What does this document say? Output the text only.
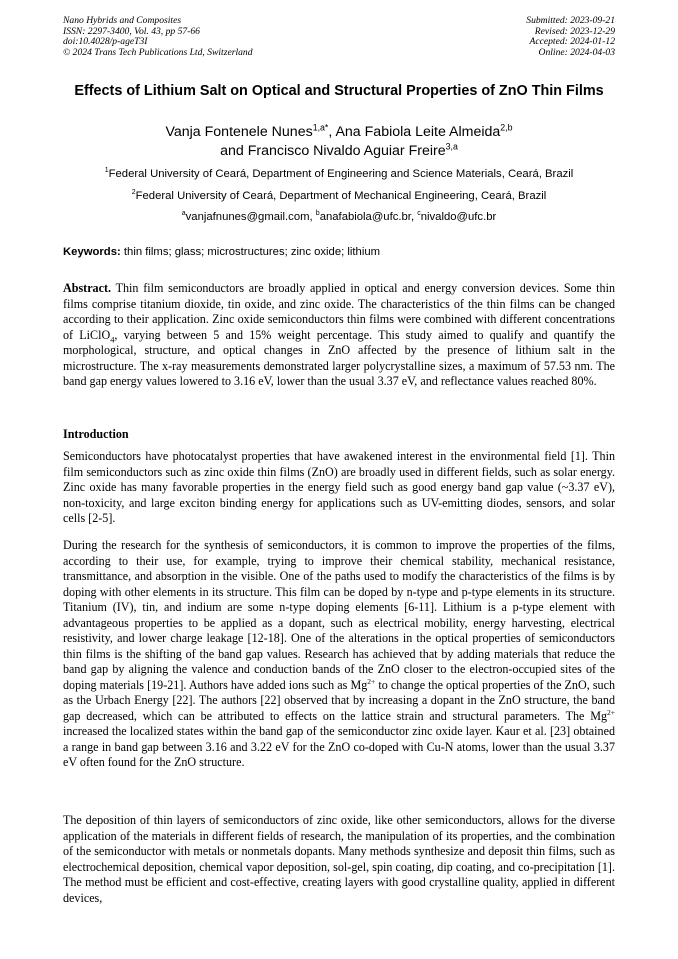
Nano Hybrids and Composites
ISSN: 2297-3400, Vol. 43, pp 57-66
doi:10.4028/p-ageT3I
© 2024 Trans Tech Publications Ltd, Switzerland
Submitted: 2023-09-21
Revised: 2023-12-29
Accepted: 2024-01-12
Online: 2024-04-03
Effects of Lithium Salt on Optical and Structural Properties of ZnO Thin Films
Vanja Fontenele Nunes$^{1,a*}$, Ana Fabiola Leite Almeida$^{2,b}$
and Francisco Nivaldo Aguiar Freire$^{3,a}$
$^1$Federal University of Ceará, Department of Engineering and Science Materials, Ceará, Brazil
$^2$Federal University of Ceará, Department of Mechanical Engineering, Ceará, Brazil
$^a$vanjafnunes@gmail.com, $^b$anafabiola@ufc.br, $^c$nivaldo@ufc.br
Keywords: thin films; glass; microstructures; zinc oxide; lithium
Abstract. Thin film semiconductors are broadly applied in optical and energy conversion devices. Some thin films comprise titanium dioxide, tin oxide, and zinc oxide. The characteristics of the thin films can be changed according to their application. Zinc oxide semiconductors thin films were combined with different concentrations of LiClO$_4$, varying between 5 and 15% weight percentage. This study aimed to qualify and quantify the morphological, structure, and optical changes in ZnO affected by the presence of lithium salt in the microstructure. The x-ray measurements demonstrated larger polycrystalline sizes, a maximum of 57.53 nm. The band gap energy values lowered to 3.16 eV, lower than the usual 3.37 eV, and reflectance values reached 80%.
Introduction
Semiconductors have photocatalyst properties that have awakened interest in the environmental field [1]. Thin film semiconductors such as zinc oxide thin films (ZnO) are broadly used in different fields, such as solar energy. Zinc oxide has many favorable properties in the energy field such as good energy band gap value (~3.37 eV), non-toxicity, and large exciton binding energy for applications such as UV-emitting diodes, sensors, and solar cells [2-5].
During the research for the synthesis of semiconductors, it is common to improve the properties of the films, according to their use, for example, trying to improve their chemical stability, mechanical resistance, transmittance, and absorption in the visible. One of the paths used to modify the characteristics of the films is by doping with other elements in its structure. This film can be doped by n-type and p-type elements in its structure. Titanium (IV), tin, and indium are some n-type doping elements [6-11]. Lithium is a p-type element with advantageous properties to be applied as a dopant, such as electrical mobility, energy harvesting, electrical resistivity, and lower charge leakage [12-18]. One of the alterations in the optical properties of semiconductors thin films is the shifting of the band gap values. Research has achieved that by adding materials that reduce the band gap by aligning the valence and conduction bands of the ZnO closer to the electron-occupied sites of the doping materials [19-21]. Authors have added ions such as $Mg^{2+}$ to change the optical properties of the ZnO, such as the Urbach Energy [22]. The authors [22] observed that by increasing a dopant in the ZnO structure, the band gap decreased, which can be attributed to effects on the lattice strain and structural parameters. The $Mg^{2+}$ increased the localized states within the band gap of the semiconductor zinc oxide layer. Kaur et al. [23] obtained a range in band gap between 3.16 and 3.22 eV for the ZnO co-doped with Cu-N atoms, lower than the usual 3.37 eV often found for the ZnO structure.
The deposition of thin layers of semiconductors of zinc oxide, like other semiconductors, allows for the diverse application of the materials in different fields of research, the manipulation of its properties, and the combination of the semiconductor with metals or nonmetals dopants. Many methods synthesize and deposit thin films, such as electrochemical deposition, chemical vapor deposition, sol-gel, spin coating, dip coating, and co-precipitation [1]. The method must be efficient and cost-effective, creating layers with good crystalline quality, applied in different devices,
